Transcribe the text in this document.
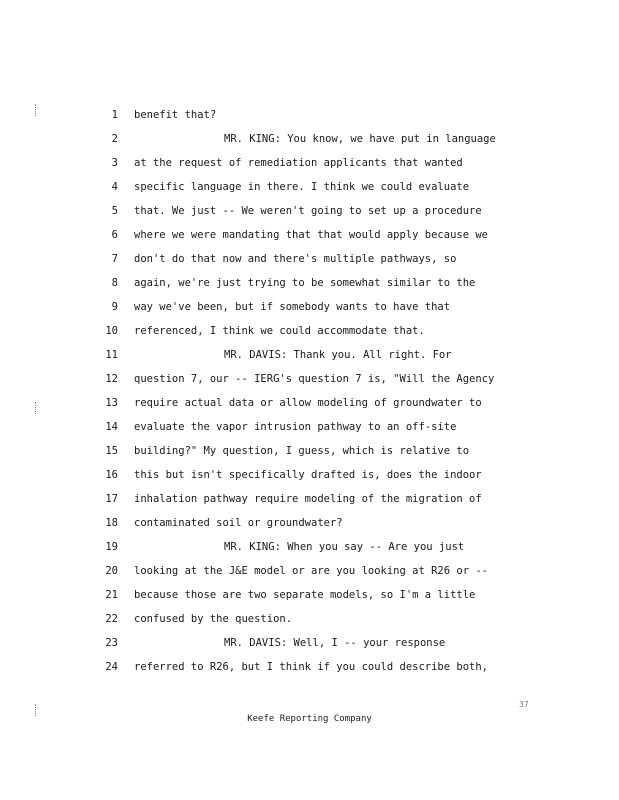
1 benefit that?
2	MR. KING: You know, we have put in language
3 at the request of remediation applicants that wanted
4 specific language in there. I think we could evaluate
5 that. We just -- We weren't going to set up a procedure
6 where we were mandating that that would apply because we
7 don't do that now and there's multiple pathways, so
8 again, we're just trying to be somewhat similar to the
9 way we've been, but if somebody wants to have that
10 referenced, I think we could accommodate that.
11	MR. DAVIS: Thank you. All right. For
12 question 7, our -- IERG's question 7 is, "Will the Agency
13 require actual data or allow modeling of groundwater to
14 evaluate the vapor intrusion pathway to an off-site
15 building?" My question, I guess, which is relative to
16 this but isn't specifically drafted is, does the indoor
17 inhalation pathway require modeling of the migration of
18 contaminated soil or groundwater?
19	MR. KING: When you say -- Are you just
20 looking at the J&E model or are you looking at R26 or --
21 because those are two separate models, so I'm a little
22 confused by the question.
23	MR. DAVIS: Well, I -- your response
24 referred to R26, but I think if you could describe both,
37
Keefe Reporting Company
